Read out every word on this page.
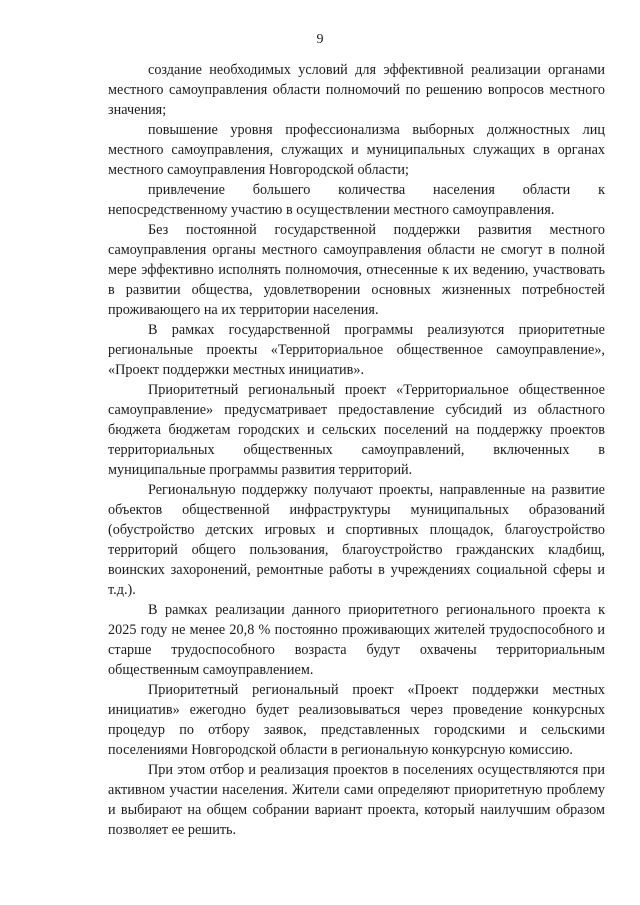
9

создание необходимых условий для эффективной реализации органами местного самоуправления области полномочий по решению вопросов местного значения;

повышение уровня профессионализма выборных должностных лиц местного самоуправления, служащих и муниципальных служащих в органах местного самоуправления Новгородской области;

привлечение большего количества населения области к непосредственному участию в осуществлении местного самоуправления.

Без постоянной государственной поддержки развития местного самоуправления органы местного самоуправления области не смогут в полной мере эффективно исполнять полномочия, отнесенные к их ведению, участвовать в развитии общества, удовлетворении основных жизненных потребностей проживающего на их территории населения.

В рамках государственной программы реализуются приоритетные региональные проекты «Территориальное общественное самоуправление», «Проект поддержки местных инициатив».

Приоритетный региональный проект «Территориальное общественное самоуправление» предусматривает предоставление субсидий из областного бюджета бюджетам городских и сельских поселений на поддержку проектов территориальных общественных самоуправлений, включенных в муниципальные программы развития территорий.

Региональную поддержку получают проекты, направленные на развитие объектов общественной инфраструктуры муниципальных образований (обустройство детских игровых и спортивных площадок, благоустройство территорий общего пользования, благоустройство гражданских кладбищ, воинских захоронений, ремонтные работы в учреждениях социальной сферы и т.д.).

В рамках реализации данного приоритетного регионального проекта к 2025 году не менее 20,8 % постоянно проживающих жителей трудоспособного и старше трудоспособного возраста будут охвачены территориальным общественным самоуправлением.

Приоритетный региональный проект «Проект поддержки местных инициатив» ежегодно будет реализовываться через проведение конкурсных процедур по отбору заявок, представленных городскими и сельскими поселениями Новгородской области в региональную конкурсную комиссию.

При этом отбор и реализация проектов в поселениях осуществляются при активном участии населения. Жители сами определяют приоритетную проблему и выбирают на общем собрании вариант проекта, который наилучшим образом позволяет ее решить.
